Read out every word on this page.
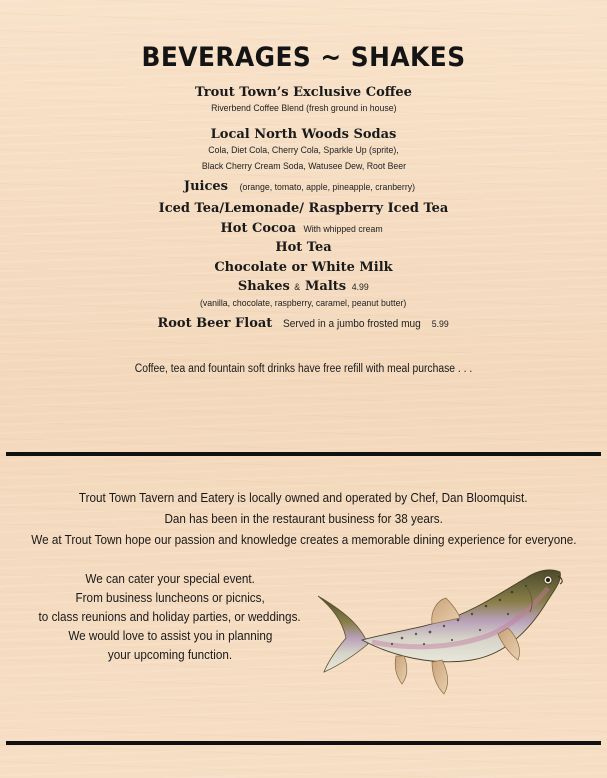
BEVERAGES ~ SHAKES
Trout Town’s Exclusive Coffee
Riverbend Coffee Blend (fresh ground in house)
Local North Woods Sodas
Cola, Diet Cola, Cherry Cola, Sparkle Up (sprite),
Black Cherry Cream Soda, Watusee Dew, Root Beer
Juices (orange, tomato, apple, pineapple, cranberry)
Iced Tea/Lemonade/ Raspberry Iced Tea
Hot Cocoa With whipped cream
Hot Tea
Chocolate or White Milk
Shakes & Malts 4.99
(vanilla, chocolate, raspberry, caramel, peanut butter)
Root Beer Float Served in a jumbo frosted mug 5.99
Coffee, tea and fountain soft drinks have free refill with meal purchase . . .
Trout Town Tavern and Eatery is locally owned and operated by Chef, Dan Bloomquist.
Dan has been in the restaurant business for 38 years.
We at Trout Town hope our passion and knowledge creates a memorable dining experience for everyone.
We can cater your special event.
From business luncheons or picnics,
to class reunions and holiday parties, or weddings.
We would love to assist you in planning
your upcoming function.
